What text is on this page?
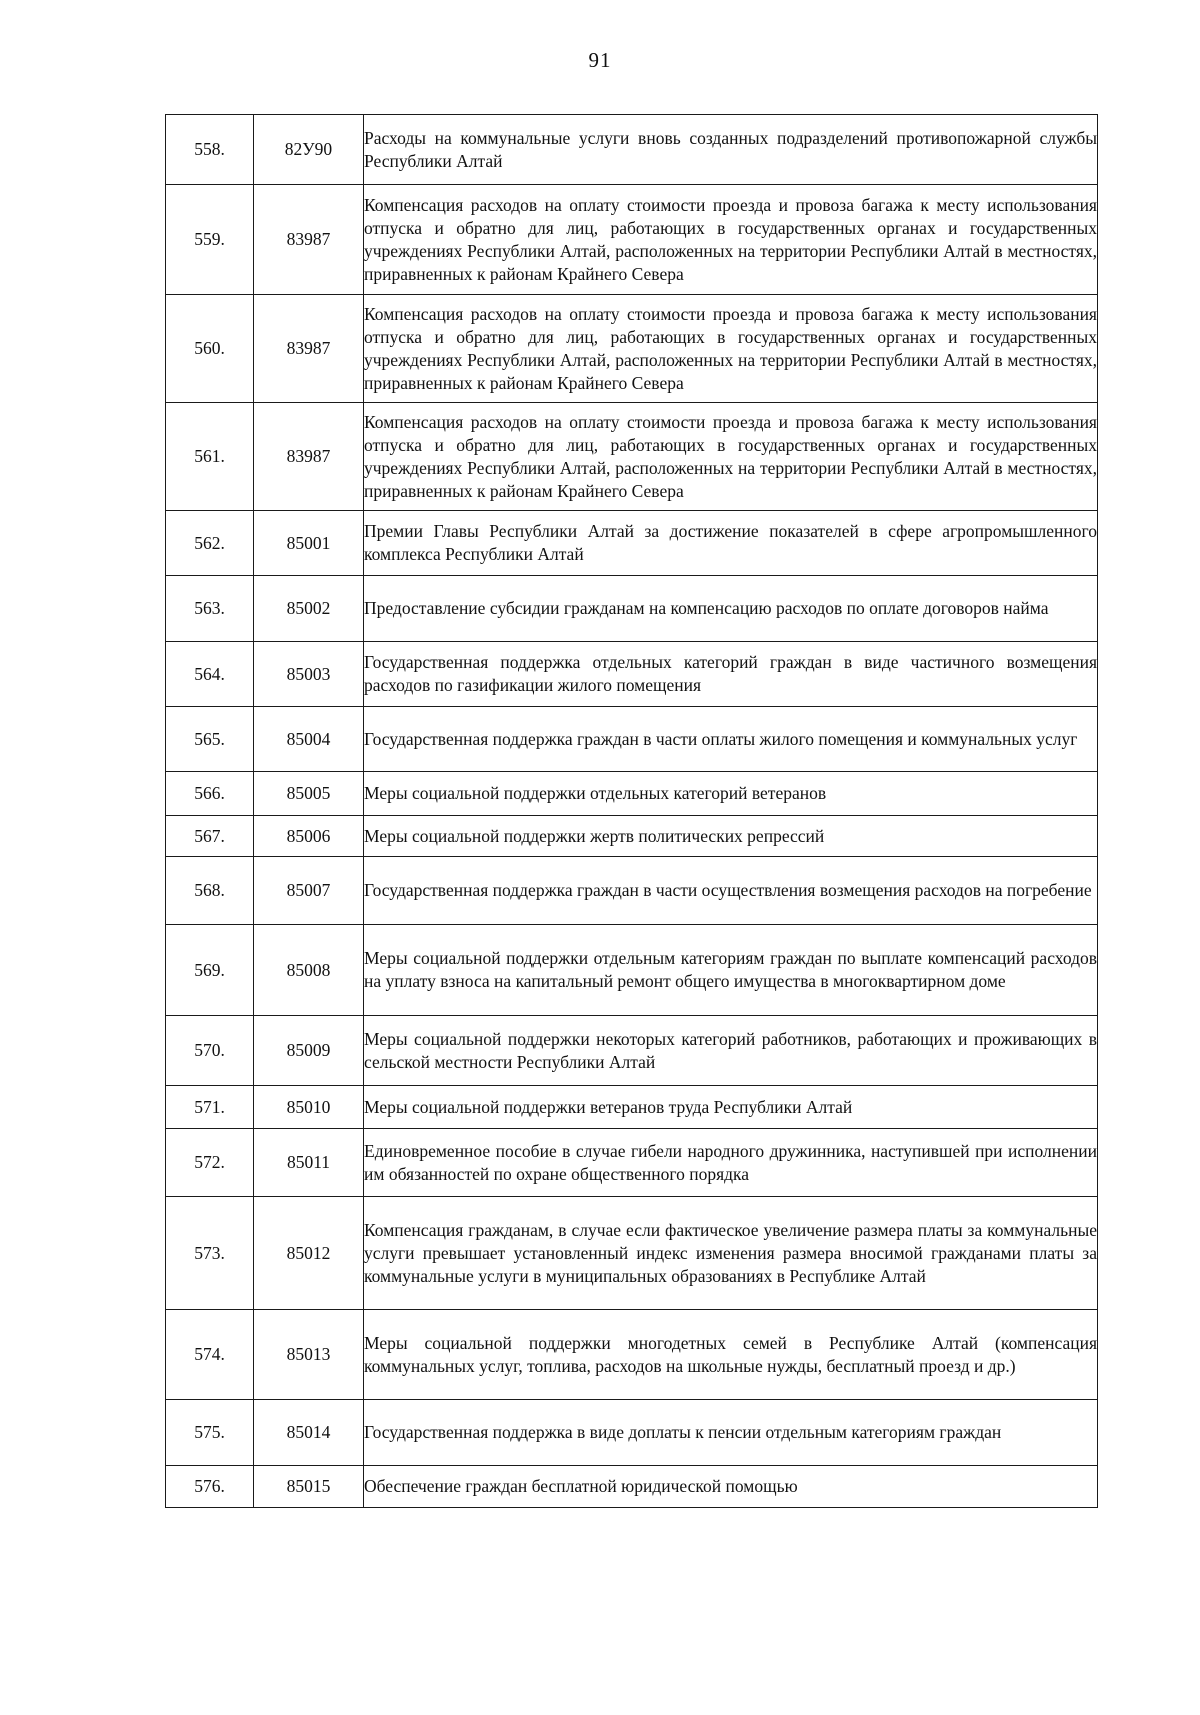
91
558.	82У90	Расходы на коммунальные услуги вновь созданных подразделений противопожарной службы Республики Алтай
559.	83987	Компенсация расходов на оплату стоимости проезда и провоза багажа к месту использования отпуска и обратно для лиц, работающих в государственных органах и государственных учреждениях Республики Алтай, расположенных на территории Республики Алтай в местностях, приравненных к районам Крайнего Севера
560.	83987	Компенсация расходов на оплату стоимости проезда и провоза багажа к месту использования отпуска и обратно для лиц, работающих в государственных органах и государственных учреждениях Республики Алтай, расположенных на территории Республики Алтай в местностях, приравненных к районам Крайнего Севера
561.	83987	Компенсация расходов на оплату стоимости проезда и провоза багажа к месту использования отпуска и обратно для лиц, работающих в государственных органах и государственных учреждениях Республики Алтай, расположенных на территории Республики Алтай в местностях, приравненных к районам Крайнего Севера
562.	85001	Премии Главы Республики Алтай за достижение показателей в сфере агропромышленного комплекса Республики Алтай
563.	85002	Предоставление субсидии гражданам на компенсацию расходов по оплате договоров найма
564.	85003	Государственная поддержка отдельных категорий граждан в виде частичного возмещения расходов по газификации жилого помещения
565.	85004	Государственная поддержка граждан в части оплаты жилого помещения и коммунальных услуг
566.	85005	Меры социальной поддержки отдельных категорий ветеранов
567.	85006	Меры социальной поддержки жертв политических репрессий
568.	85007	Государственная поддержка граждан в части осуществления возмещения расходов на погребение
569.	85008	Меры социальной поддержки отдельным категориям граждан по выплате компенсаций расходов на уплату взноса на капитальный ремонт общего имущества в многоквартирном доме
570.	85009	Меры социальной поддержки некоторых категорий работников, работающих и проживающих в сельской местности Республики Алтай
571.	85010	Меры социальной поддержки ветеранов труда Республики Алтай
572.	85011	Единовременное пособие в случае гибели народного дружинника, наступившей при исполнении им обязанностей по охране общественного порядка
573.	85012	Компенсация гражданам, в случае если фактическое увеличение размера платы за коммунальные услуги превышает установленный индекс изменения размера вносимой гражданами платы за коммунальные услуги в муниципальных образованиях в Республике Алтай
574.	85013	Меры социальной поддержки многодетных семей в Республике Алтай (компенсация коммунальных услуг, топлива, расходов на школьные нужды, бесплатный проезд и др.)
575.	85014	Государственная поддержка в виде доплаты к пенсии отдельным категориям граждан
576.	85015	Обеспечение граждан бесплатной юридической помощью
